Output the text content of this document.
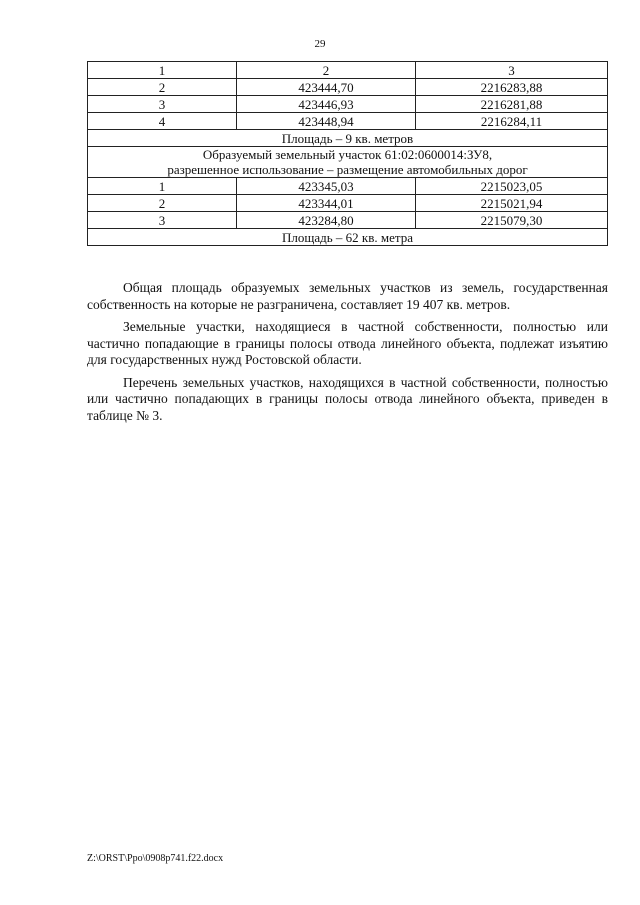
29
1	2	3
2	423444,70	2216283,88
3	423446,93	2216281,88
4	423448,94	2216284,11
Площадь – 9 кв. метров		

Образуемый земельный участок 61:02:0600014:ЗУ8,
разрешенное использование – размещение автомобильных дорог		

1	423345,03	2215023,05
2	423344,01	2215021,94
3	423284,80	2215079,30
Площадь – 62 кв. метра		

Общая площадь образуемых земельных участков из земель, государственная собственность на которые не разграничена, составляет 19 407 кв. метров.

Земельные участки, находящиеся в частной собственности, полностью или частично попадающие в границы полосы отвода линейного объекта, подлежат изъятию для государственных нужд Ростовской области.

Перечень земельных участков, находящихся в частной собственности, полностью или частично попадающих в границы полосы отвода линейного объекта, приведен в таблице № 3.

Z:\ORST\Ppo\0908p741.f22.docx
